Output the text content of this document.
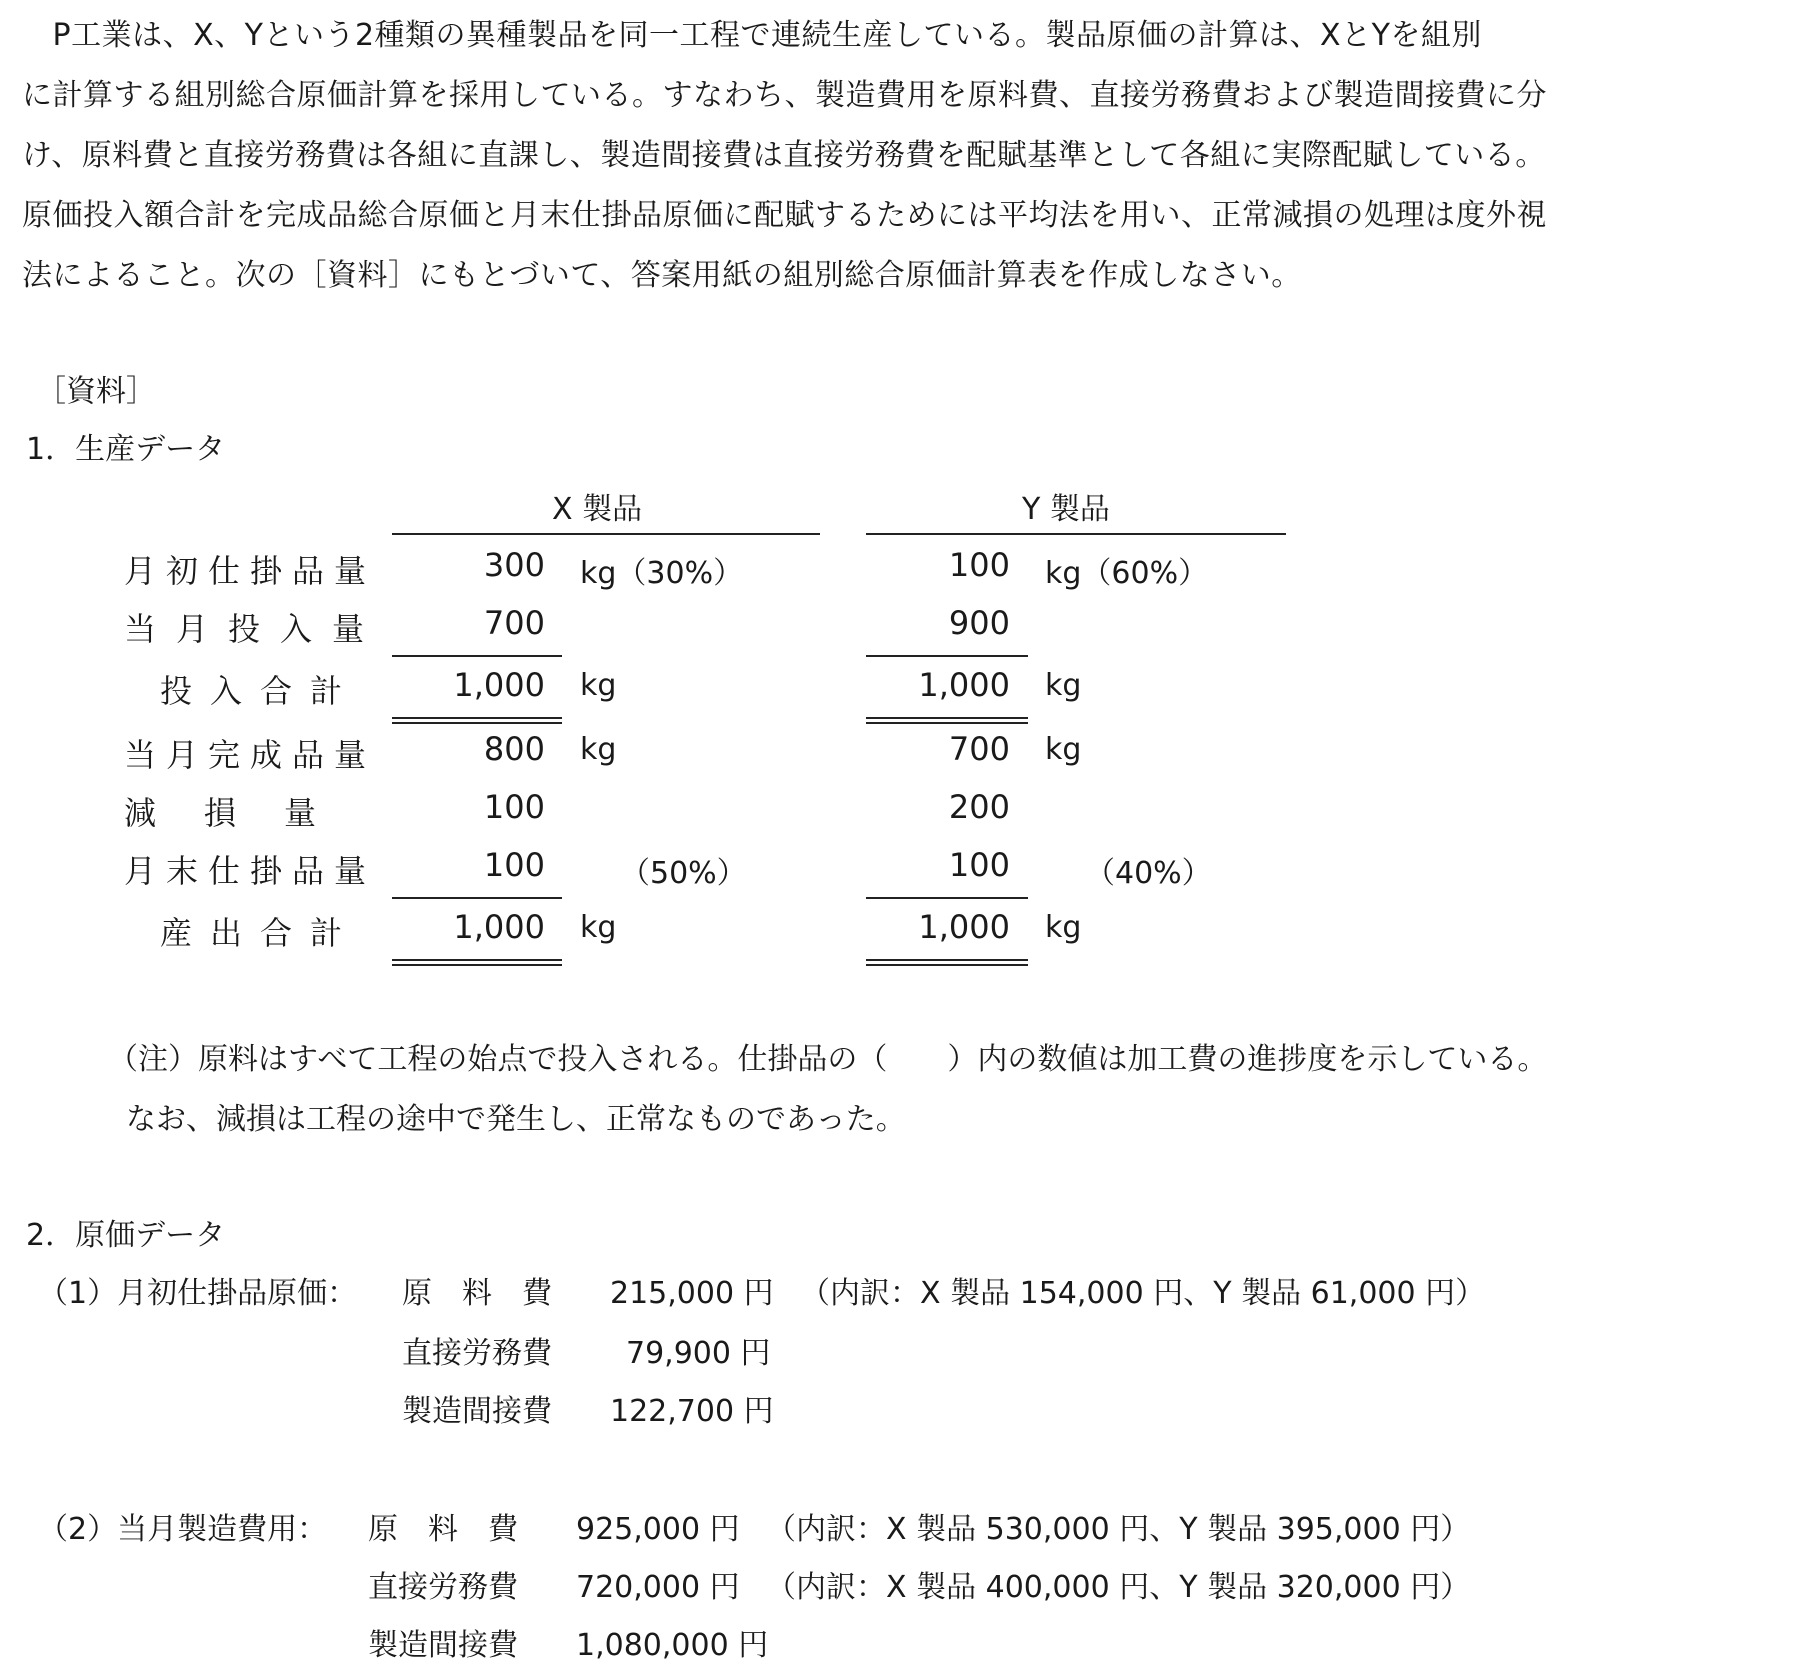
　P工業は、X、Yという2種類の異種製品を同一工程で連続生産している。製品原価の計算は、XとYを組別

に計算する組別総合原価計算を採用している。すなわち、製造費用を原料費、直接労務費および製造間接費に分

け、原料費と直接労務費は各組に直課し、製造間接費は直接労務費を配賦基準として各組に実際配賦している。

原価投入額合計を完成品総合原価と月末仕掛品原価に配賦するためには平均法を用い、正常減損の処理は度外視

法によること。次の［資料］にもとづいて、答案用紙の組別総合原価計算表を作成しなさい。

［資料］
1．生産データ
X 製品	Y 製品
月初仕掛品量	300 kg（30%）	100 kg（60%）
当月投入量	700	900
投入合計	1,000 kg	1,000 kg
当月完成品量	800 kg	700 kg
減　損　量	100	200
月末仕掛品量	100	（50%）	100	（40%）
産出合計	1,000 kg	1,000 kg
（注）原料はすべて工程の始点で投入される。仕掛品の（　　）内の数値は加工費の進捗度を示している。
なお、減損は工程の途中で発生し、正常なものであった。
2．原価データ
（1）月初仕掛品原価： 原　料　費 215,000 円 （内訳：X 製品 154,000 円、Y 製品 61,000 円）
直接労務費 79,900 円
製造間接費 122,700 円
（2）当月製造費用： 原　料　費 925,000 円 （内訳：X 製品 530,000 円、Y 製品 395,000 円）
直接労務費 720,000 円 （内訳：X 製品 400,000 円、Y 製品 320,000 円）
製造間接費 1,080,000 円
